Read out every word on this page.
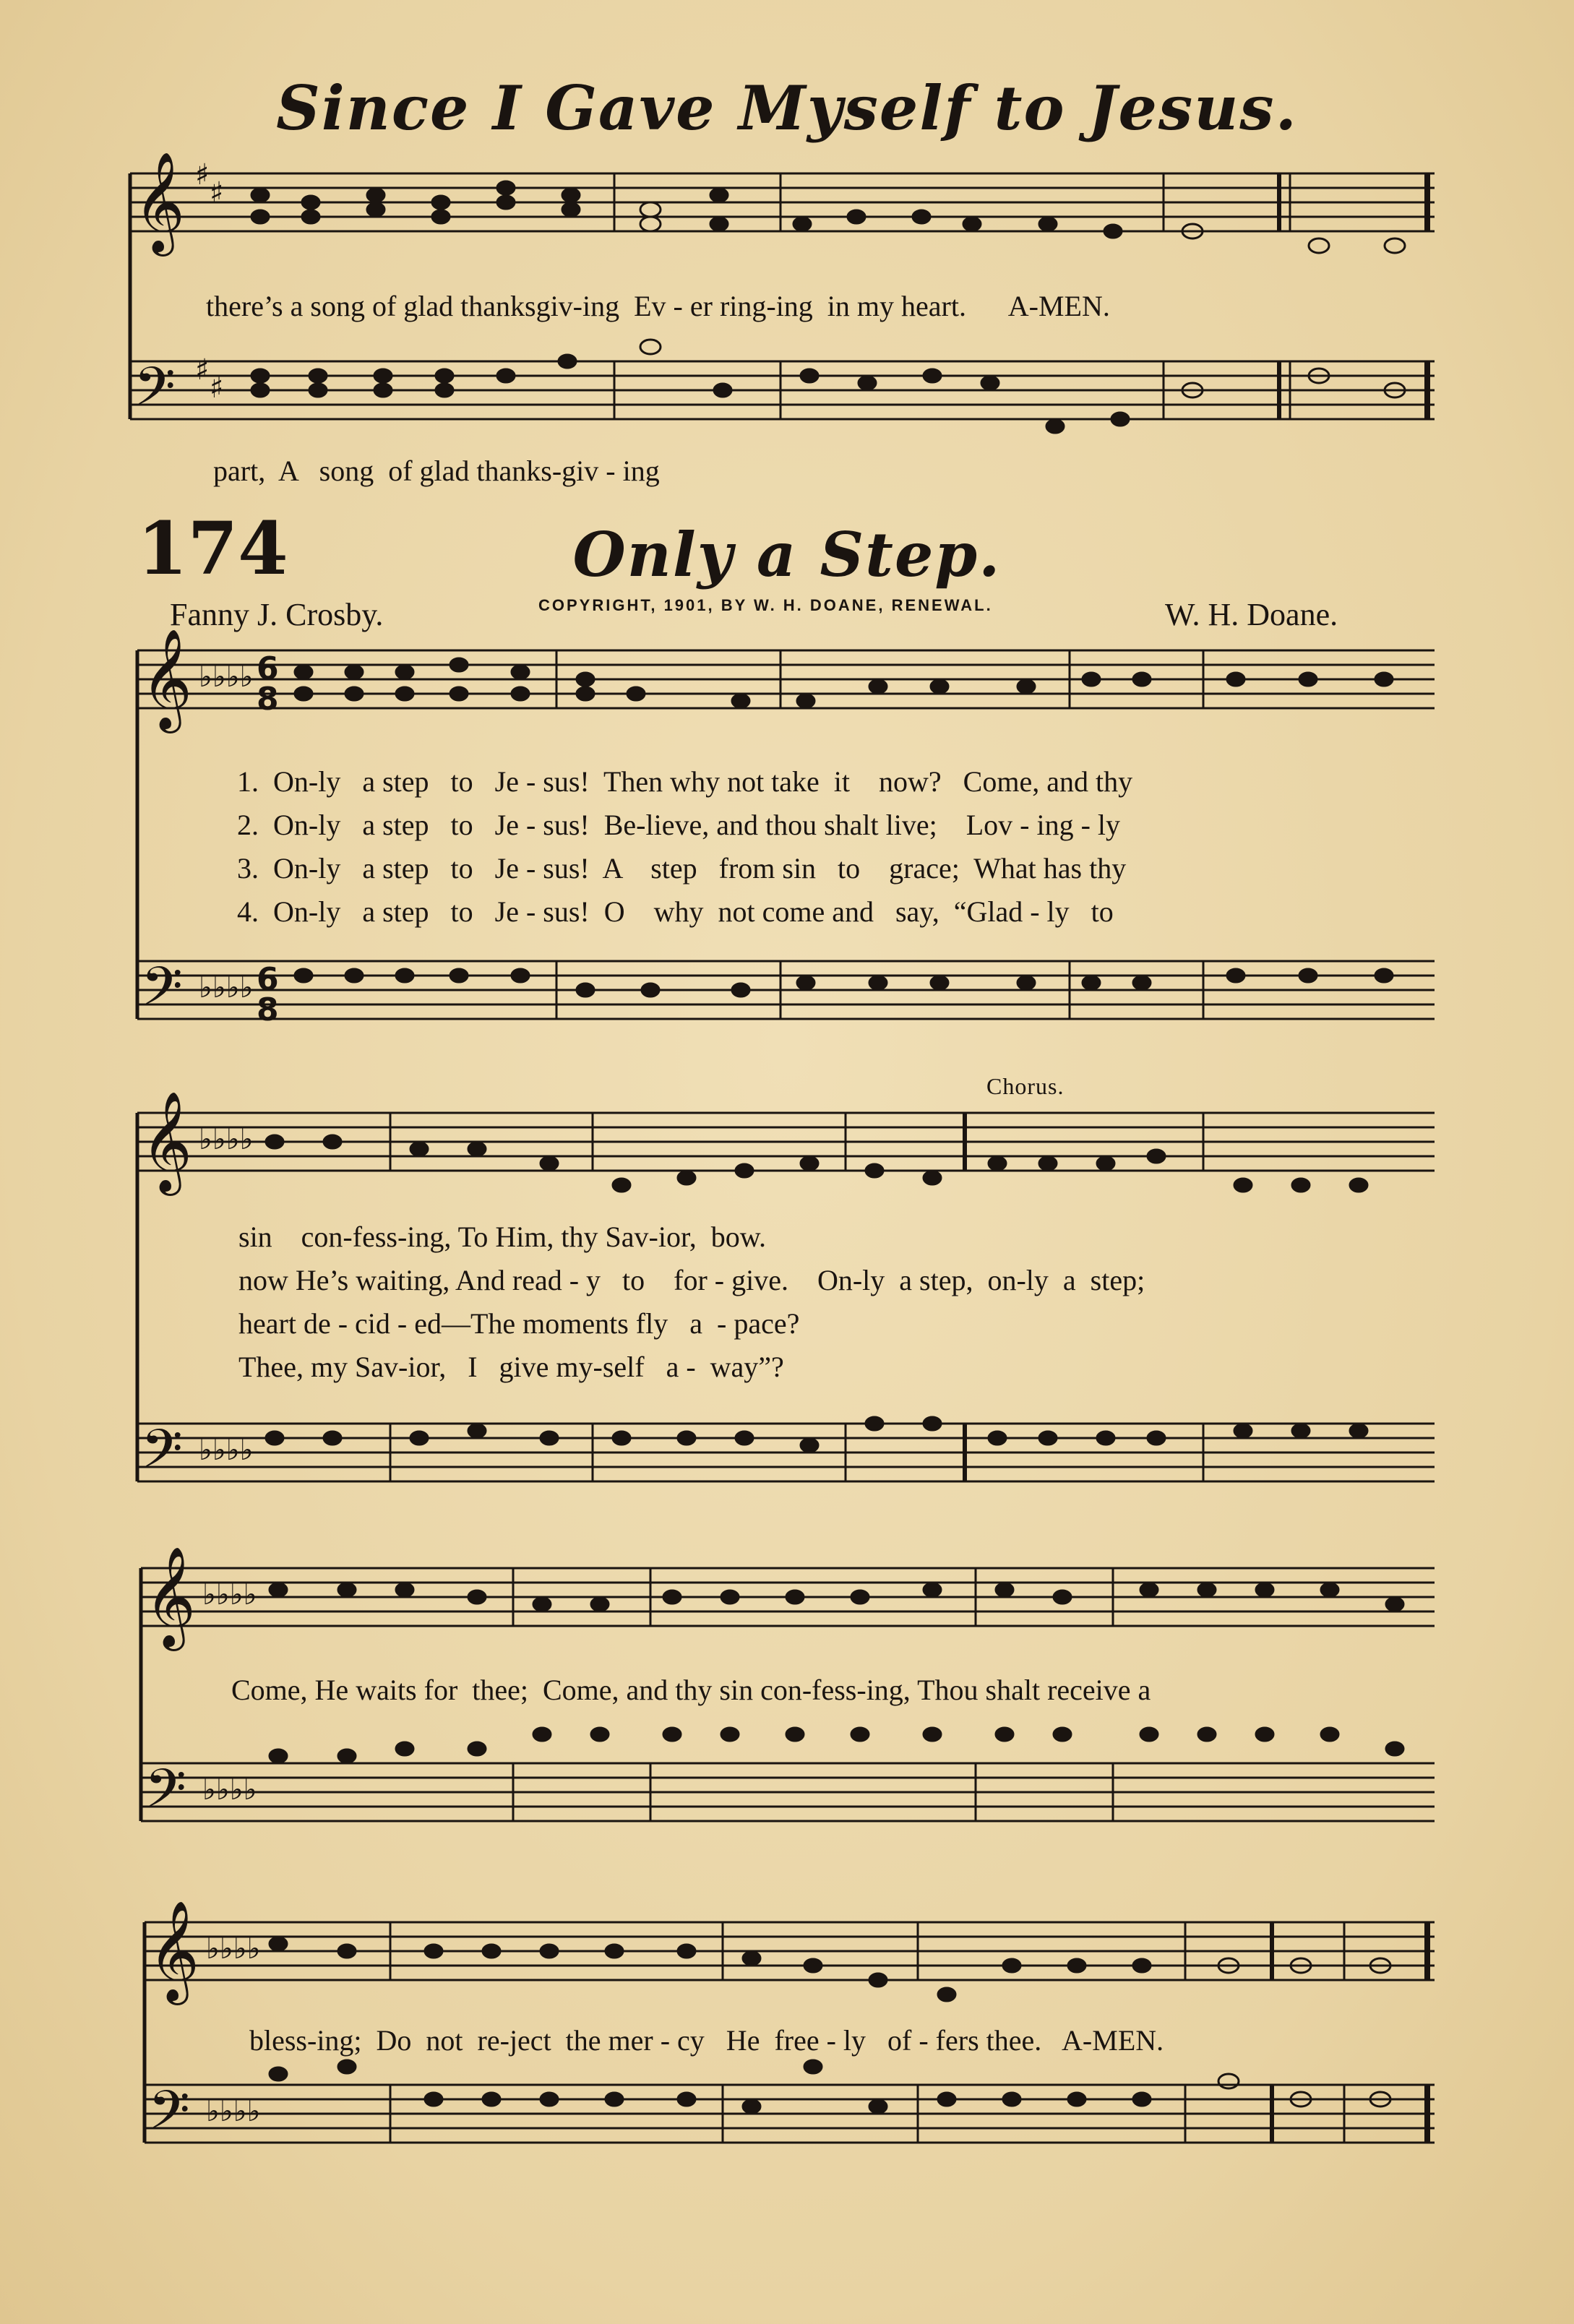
Since I Gave Myself to Jesus.
𝄞
𝄢
𝄞
𝄢
𝄞
𝄢
𝄞
𝄢
𝄞
𝄢
♯
♯
♯
♯
♭♭♭♭ 6
8
♭♭♭♭ 6
8
♭♭♭♭
♭♭♭♭
♭♭♭♭
♭♭♭♭
♭♭♭♭
♭♭♭♭
there’s a song of glad thanksgiv-ing  Ev - er ring-ing  in my heart.      A-MEN.
part,  A   song  of glad thanks-giv - ing
174	Only a Step.
Fanny J. Crosby.	COPYRIGHT, 1901, BY W. H. DOANE, RENEWAL.	W. H. Doane.
1.  On-ly   a step   to   Je - sus!  Then why not take  it    now?   Come, and thy
2.  On-ly   a step   to   Je - sus!  Be-lieve, and thou shalt live;    Lov - ing - ly
3.  On-ly   a step   to   Je - sus!  A    step   from sin   to    grace;  What has thy
4.  On-ly   a step   to   Je - sus!  O    why  not come and   say,  “Glad - ly   to
Chorus.
sin    con-fess-ing, To Him, thy Sav-ior,  bow.
now He’s waiting, And read - y   to    for - give.    On-ly  a step,  on-ly  a  step;
heart de - cid - ed—The moments fly   a  - pace?
Thee, my Sav-ior,   I   give my-self   a -  way”?
Come, He waits for  thee;  Come, and thy sin con-fess-ing, Thou shalt receive a
bless-ing;  Do  not  re-ject  the mer - cy   He  free - ly   of - fers thee.   A-MEN.
